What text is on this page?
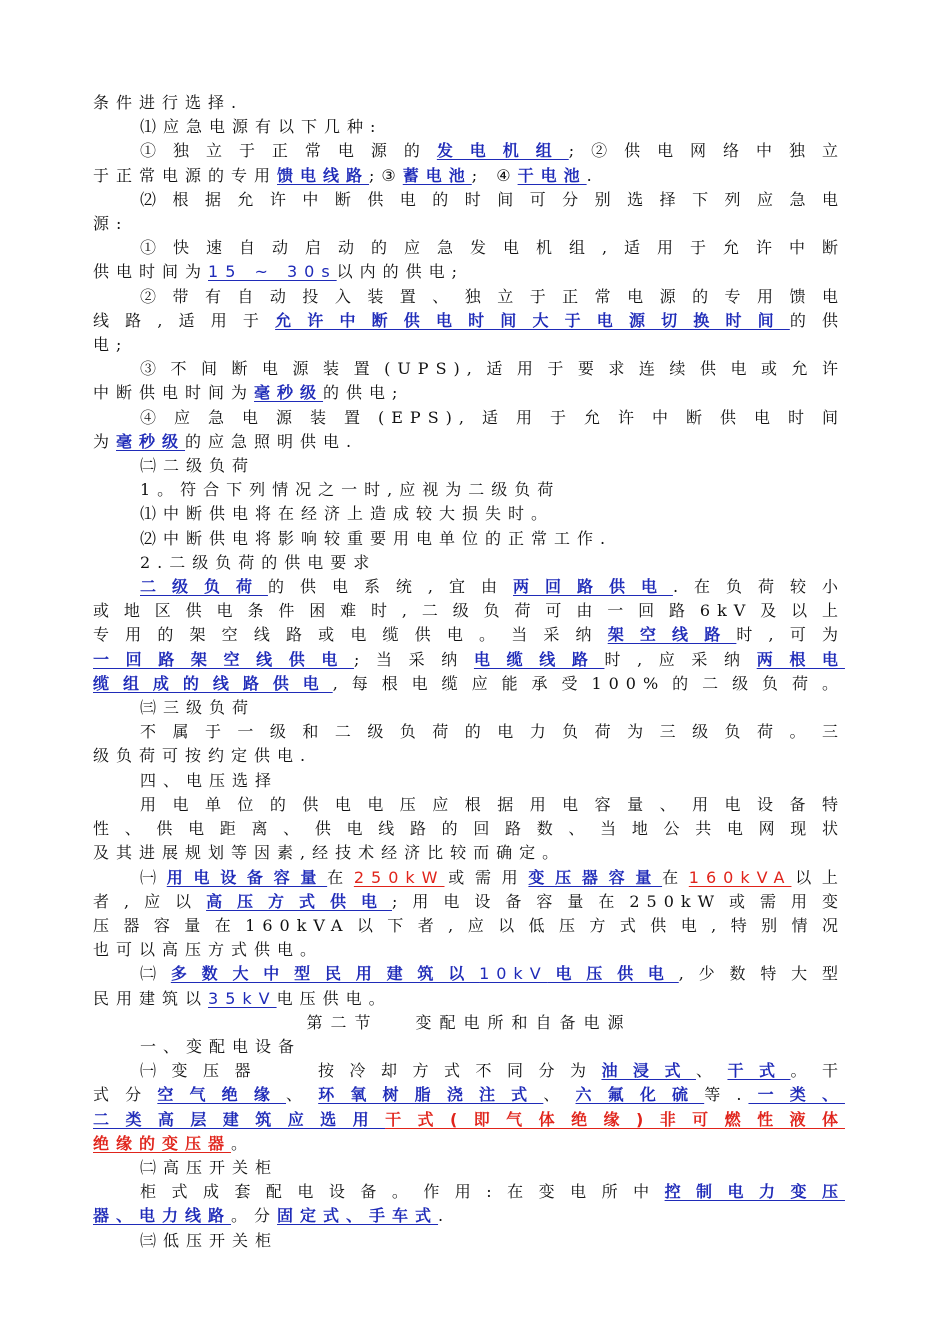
条件进行选择.
⑴应急电源有以下几种:
①独立于正常电源的发电机组;②供电网络中独立
于正常电源的专用馈电线路;③蓄电池; ④干电池.
⑵根据允许中断供电的时间可分别选择下列应急电
源:
①快速自动启动的应急发电机组,适用于允许中断
供电时间为15 ~ 30s以内的供电;
②带有自动投入装置、独立于正常电源的专用馈电
线路,适用于允许中断供电时间大于电源切换时间的供
电;
③不间断电源装置(UPS),适用于要求连续供电或允许
中断供电时间为毫秒级的供电;
④应急电源装置(EPS),适用于允许中断供电时间
为毫秒级的应急照明供电.
㈡二级负荷
1。符合下列情况之一时,应视为二级负荷
⑴中断供电将在经济上造成较大损失时。
⑵中断供电将影响较重要用电单位的正常工作.
2.二级负荷的供电要求
二级负荷的供电系统,宜由两回路供电.在负荷较小
或地区供电条件困难时,二级负荷可由一回路6kV及以上
专用的架空线路或电缆供电。当采纳架空线路时,可为
一回路架空线供电;当采纳电缆线路时,应采纳两根电
缆组成的线路供电,每根电缆应能承受100%的二级负荷。
㈢三级负荷
不属于一级和二级负荷的电力负荷为三级负荷。三
级负荷可按约定供电.
四、电压选择
用电单位的供电电压应根据用电容量、用电设备特
性、供电距离、供电线路的回路数、当地公共电网现状
及其进展规划等因素,经技术经济比较而确定。
㈠用电设备容量在250kW或需用变压器容量在160kVA以上
者,应以高压方式供电;用电设备容量在250kW或需用变
压器容量在160kVA以下者,应以低压方式供电,特别情况
也可以高压方式供电。
㈡多数大中型民用建筑以10kV电压供电,少数特大型
民用建筑以35kV电压供电。
第二节　 变配电所和自备电源
一、变配电设备
㈠变压器　 按冷却方式不同分为油浸式、干式。干
式分空气绝缘、环氧树脂浇注式、六氟化硫等.一类、
二类高层建筑应选用干式(即气体绝缘)非可燃性液体
绝缘的变压器。
㈡高压开关柜
柜式成套配电设备。作用:在变电所中控制电力变压
器、电力线路。分固定式、手车式.
㈢低压开关柜
